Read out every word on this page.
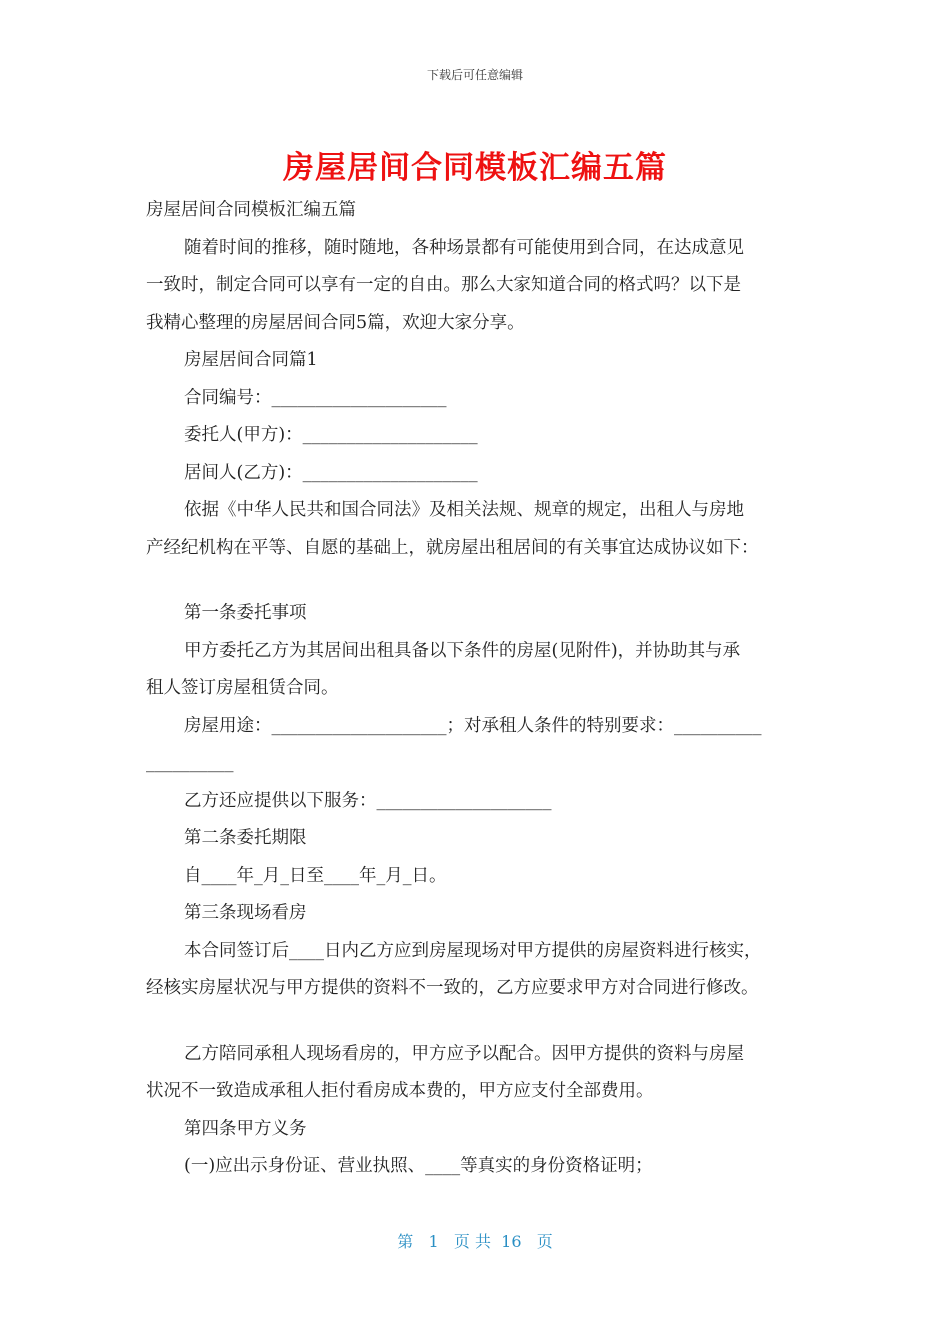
下载后可任意编辑
房屋居间合同模板汇编五篇

房屋居间合同模板汇编五篇

随着时间的推移，随时随地，各种场景都有可能使用到合同，在达成意见

一致时，制定合同可以享有一定的自由。那么大家知道合同的格式吗？以下是

我精心整理的房屋居间合同5篇，欢迎大家分享。

房屋居间合同篇1

合同编号：____________________

委托人(甲方)：____________________

居间人(乙方)：____________________

依据《中华人民共和国合同法》及相关法规、规章的规定，出租人与房地

产经纪机构在平等、自愿的基础上，就房屋出租居间的有关事宜达成协议如下：

第一条委托事项

甲方委托乙方为其居间出租具备以下条件的房屋(见附件)，并协助其与承

租人签订房屋租赁合同。

房屋用途：____________________；对承租人条件的特别要求：__________

__________

乙方还应提供以下服务：____________________

第二条委托期限

自____年_月_日至____年_月_日。

第三条现场看房

本合同签订后____日内乙方应到房屋现场对甲方提供的房屋资料进行核实，

经核实房屋状况与甲方提供的资料不一致的，乙方应要求甲方对合同进行修改。

乙方陪同承租人现场看房的，甲方应予以配合。因甲方提供的资料与房屋

状况不一致造成承租人拒付看房成本费的，甲方应支付全部费用。

第四条甲方义务

(一)应出示身份证、营业执照、____等真实的身份资格证明；

第   1   页 共  16   页
